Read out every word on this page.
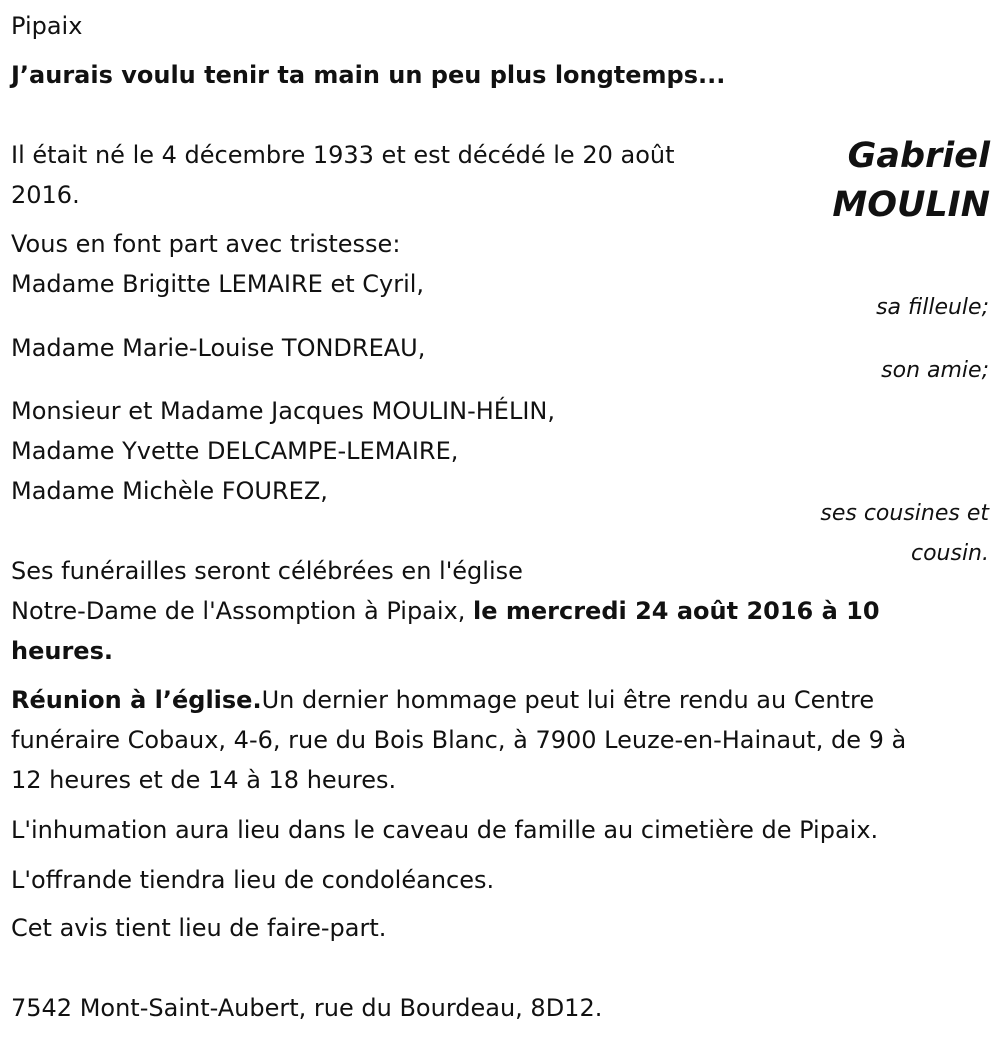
Pipaix
J’aurais voulu tenir ta main un peu plus longtemps...
Gabriel
MOULIN
Il était né le 4 décembre 1933 et est décédé le 20 août
2016.
Vous en font part avec tristesse:
Madame Brigitte LEMAIRE et Cyril,
sa filleule;
Madame Marie-Louise TONDREAU,
son amie;
Monsieur et Madame Jacques MOULIN-HÉLIN,
Madame Yvette DELCAMPE-LEMAIRE,
Madame Michèle FOUREZ,
ses cousines et
cousin.
Ses funérailles seront célébrées en l'église
Notre-Dame de l'Assomption à Pipaix, le mercredi 24 août 2016 à 10
heures.
Réunion à l’église.Un dernier hommage peut lui être rendu au Centre
funéraire Cobaux, 4-6, rue du Bois Blanc, à 7900 Leuze-en-Hainaut, de 9 à
12 heures et de 14 à 18 heures.
L'inhumation aura lieu dans le caveau de famille au cimetière de Pipaix.
L'offrande tiendra lieu de condoléances.
Cet avis tient lieu de faire-part.
7542 Mont-Saint-Aubert, rue du Bourdeau, 8D12.
